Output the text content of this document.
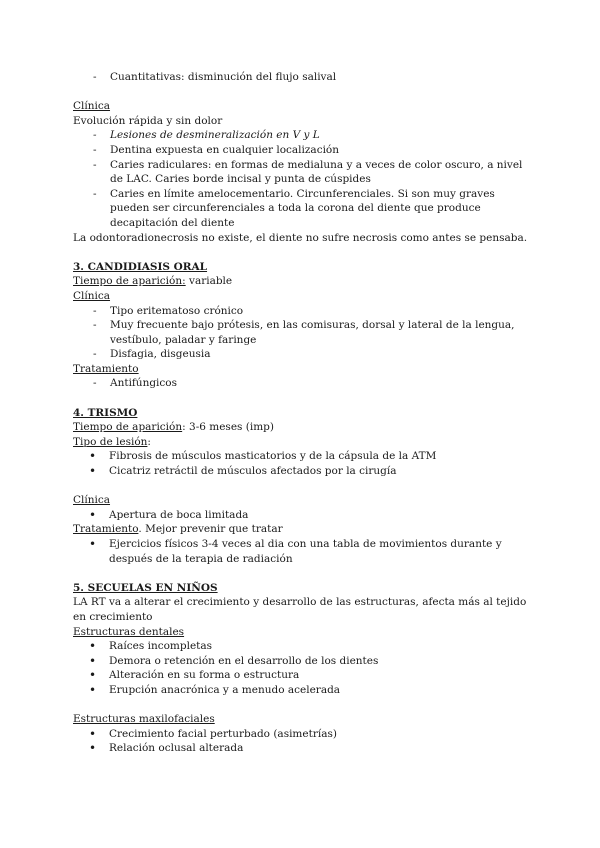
- Cuantitativas: disminución del flujo salival
Clínica
Evolución rápida y sin dolor
- Lesiones de desmineralización en V y L
- Dentina expuesta en cualquier localización
- Caries radiculares: en formas de medialuna y a veces de color oscuro, a nivel de LAC. Caries borde incisal y punta de cúspides
- Caries en límite amelocementario. Circunferenciales. Si son muy graves pueden ser circunferenciales a toda la corona del diente que produce decapitación del diente
La odontoradionecrosis no existe, el diente no sufre necrosis como antes se pensaba.
3. CANDIDIASIS ORAL
Tiempo de aparición: variable
Clínica
- Tipo eritematoso crónico
- Muy frecuente bajo prótesis, en las comisuras, dorsal y lateral de la lengua, vestíbulo, paladar y faringe
- Disfagia, disgeusia
Tratamiento
- Antifúngicos
4. TRISMO
Tiempo de aparición: 3-6 meses (imp)
Tipo de lesión:
• Fibrosis de músculos masticatorios y de la cápsula de la ATM
• Cicatriz retráctil de músculos afectados por la cirugía
Clínica
• Apertura de boca limitada
Tratamiento. Mejor prevenir que tratar
• Ejercicios físicos 3-4 veces al dia con una tabla de movimientos durante y después de la terapia de radiación
5. SECUELAS EN NIÑOS
LA RT va a alterar el crecimiento y desarrollo de las estructuras, afecta más al tejido en crecimiento
Estructuras dentales
• Raíces incompletas
• Demora o retención en el desarrollo de los dientes
• Alteración en su forma o estructura
• Erupción anacrónica y a menudo acelerada
Estructuras maxilofaciales
• Crecimiento facial perturbado (asimetrías)
• Relación oclusal alterada
